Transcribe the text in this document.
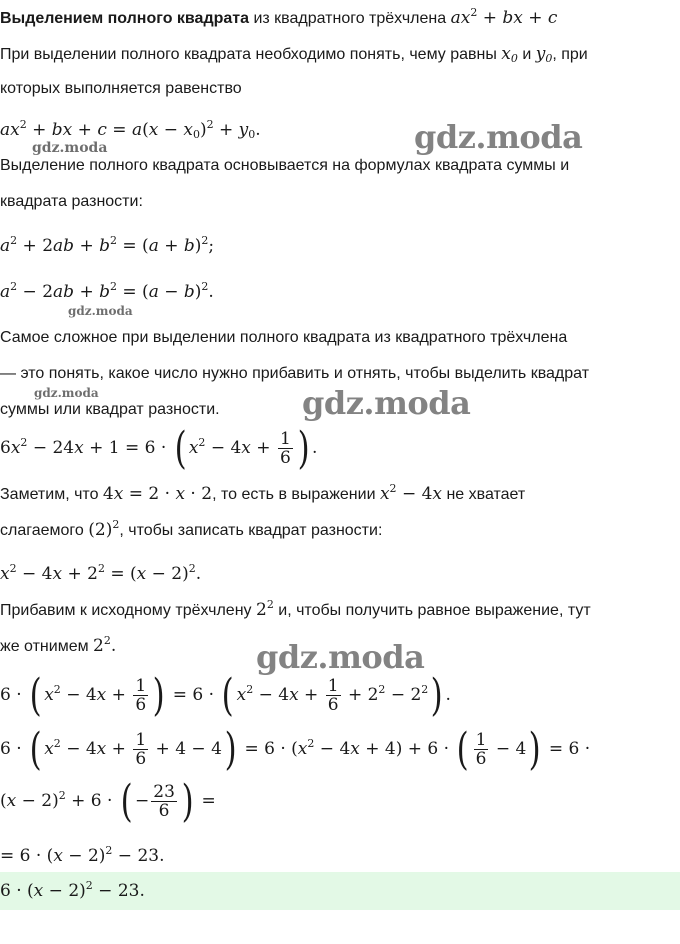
Выделением полного квадрата из квадратного трёхчлена $ax^2$ + bx + c
При выделении полного квадрата необходимо понять, чему равны $x_0$ и $y_0$, при
которых выполняется равенство
$ax^2$ + bx + $c = a(x - x_0)^2 + y_0$.
gdz.moda	gdz.moda
Выделение полного квадрата основывается на формулах квадрата суммы и
квадрата разности:
$a^2 + 2ab + b^2 = (a + b)^2$;
$a^2 - 2ab + b^2 = (a - b)^2$.
gdz.moda
Самое сложное при выделении полного квадрата из квадратного трёхчлена
— это понять, какое число нужно прибавить и отнять, чтобы выделить квадрат
gdz.moda
суммы или квадрат разности.	gdz.moda
$6x^2 - 24x + 1 = 6$ · ( $x^2 - 4x + \frac{1}{6}$ ) .
Заметим, что 4x = 2 · x · 2, то есть в выражении $x^2 - 4x$ не хватает
слагаемого $(2)^2$, чтобы записать квадрат разности:
$x^2 - 4x + 2^2 = (x - 2)^2$.
Прибавим к исходному трёхчлену $2^2$ и, чтобы получить равное выражение, тут
же отнимем $2^2$.	gdz.moda
6 · ( $x^2 - 4x + \frac{1}{6}$ ) = 6 · ( $x^2 - 4x + \frac{1}{6} + 2^2 - 2^2$) .
6 · ( $x^2 - 4x + \frac{1}{6} + 4 - 4) = 6 \cdot (x^2 - 4x + 4) + 6$ · ( $\frac{1}{6} - 4) = 6$ ·
$(x - 2)^2 + 6$ · ( − $\frac{23}{6}$ ) =
= $6 \cdot (x - 2)^2 - 23$.
$6 \cdot (x - 2)^2 - 23$.
